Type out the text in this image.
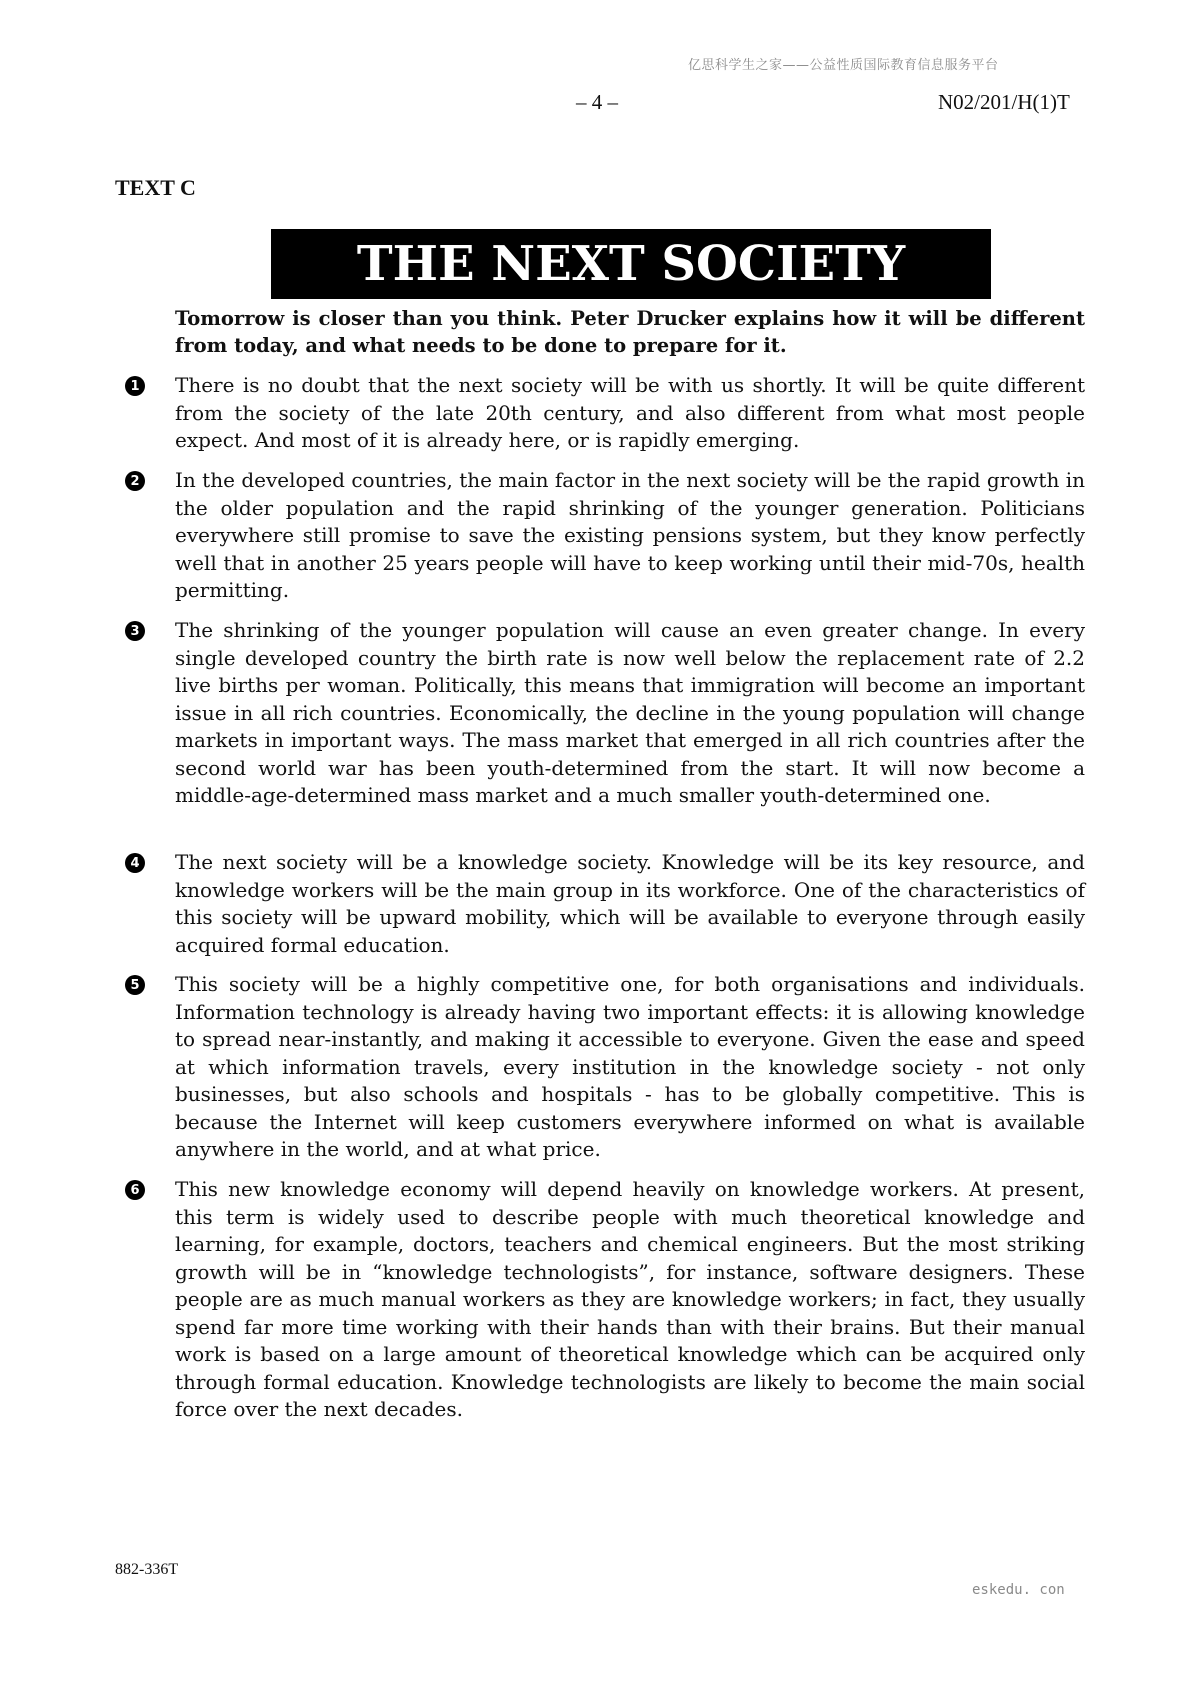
亿思科学生之家——公益性质国际教育信息服务平台
– 4 –	N02/201/H(1)T
TEXT C
THE NEXT SOCIETY
Tomorrow is closer than you think. Peter Drucker explains how it will be different from today, and what needs to be done to prepare for it.
1 There is no doubt that the next society will be with us shortly. It will be quite different from the society of the late 20th century, and also different from what most people expect. And most of it is already here, or is rapidly emerging.

2 In the developed countries, the main factor in the next society will be the rapid growth in the older population and the rapid shrinking of the younger generation. Politicians everywhere still promise to save the existing pensions system, but they know perfectly well that in another 25 years people will have to keep working until their mid-70s, health permitting.

3 The shrinking of the younger population will cause an even greater change. In every single developed country the birth rate is now well below the replacement rate of 2.2 live births per woman. Politically, this means that immigration will become an important issue in all rich countries. Economically, the decline in the young population will change markets in important ways. The mass market that emerged in all rich countries after the second world war has been youth-determined from the start. It will now become a middle-age-determined mass market and a much smaller youth-determined one.

4 The next society will be a knowledge society. Knowledge will be its key resource, and knowledge workers will be the main group in its workforce. One of the characteristics of this society will be upward mobility, which will be available to everyone through easily acquired formal education.

5 This society will be a highly competitive one, for both organisations and individuals. Information technology is already having two important effects: it is allowing knowledge to spread near-instantly, and making it accessible to everyone. Given the ease and speed at which information travels, every institution in the knowledge society - not only businesses, but also schools and hospitals - has to be globally competitive. This is because the Internet will keep customers everywhere informed on what is available anywhere in the world, and at what price.

6 This new knowledge economy will depend heavily on knowledge workers. At present, this term is widely used to describe people with much theoretical knowledge and learning, for example, doctors, teachers and chemical engineers. But the most striking growth will be in “knowledge technologists”, for instance, software designers. These people are as much manual workers as they are knowledge workers; in fact, they usually spend far more time working with their hands than with their brains. But their manual work is based on a large amount of theoretical knowledge which can be acquired only through formal education. Knowledge technologists are likely to become the main social force over the next decades.

882-336T
eskedu. con
